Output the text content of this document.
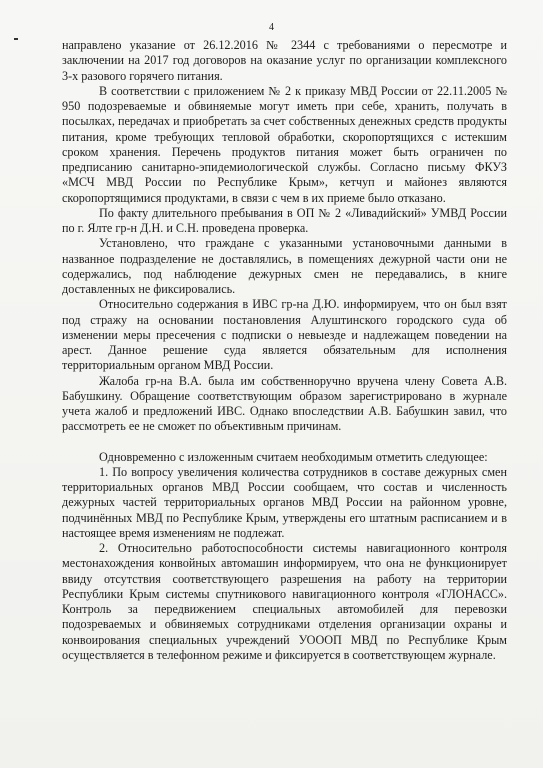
4

направлено указание от 26.12.2016 № 2344 с требованиями о пересмотре и заключении на 2017 год договоров на оказание услуг по организации комплексного 3-х разового горячего питания.

В соответствии с приложением № 2 к приказу МВД России от 22.11.2005 № 950 подозреваемые и обвиняемые могут иметь при себе, хранить, получать в посылках, передачах и приобретать за счет собственных денежных средств продукты питания, кроме требующих тепловой обработки, скоропортящихся с истекшим сроком хранения. Перечень продуктов питания может быть ограничен по предписанию санитарно-эпидемиологической службы. Согласно письму ФКУЗ «МСЧ МВД России по Республике Крым», кетчуп и майонез являются скоропортящимися продуктами, в связи с чем в их приеме было отказано.

По факту длительного пребывания в ОП № 2 «Ливадийский» УМВД России по г. Ялте гр-н Д.Н. и С.Н. проведена проверка.

Установлено, что граждане с указанными установочными данными в названное подразделение не доставлялись, в помещениях дежурной части они не содержались, под наблюдение дежурных смен не передавались, в книге доставленных не фиксировались.

Относительно содержания в ИВС гр-на Д.Ю. информируем, что он был взят под стражу на основании постановления Алуштинского городского суда об изменении меры пресечения с подписки о невыезде и надлежащем поведении на арест. Данное решение суда является обязательным для исполнения территориальным органом МВД России.

Жалоба гр-на В.А. была им собственноручно вручена члену Совета А.В. Бабушкину. Обращение соответствующим образом зарегистрировано в журнале учета жалоб и предложений ИВС. Однако впоследствии А.В. Бабушкин завил, что рассмотреть ее не сможет по объективным причинам.

Одновременно с изложенным считаем необходимым отметить следующее:

1. По вопросу увеличения количества сотрудников в составе дежурных смен территориальных органов МВД России сообщаем, что состав и численность дежурных частей территориальных органов МВД России на районном уровне, подчинённых МВД по Республике Крым, утверждены его штатным расписанием и в настоящее время изменениям не подлежат.

2. Относительно работоспособности системы навигационного контроля местонахождения конвойных автомашин информируем, что она не функционирует ввиду отсутствия соответствующего разрешения на работу на территории Республики Крым системы спутникового навигационного контроля «ГЛОНАСС». Контроль за передвижением специальных автомобилей для перевозки подозреваемых и обвиняемых сотрудниками отделения организации охраны и конвоирования специальных учреждений УОООП МВД по Республике Крым осуществляется в телефонном режиме и фиксируется в соответствующем журнале.
